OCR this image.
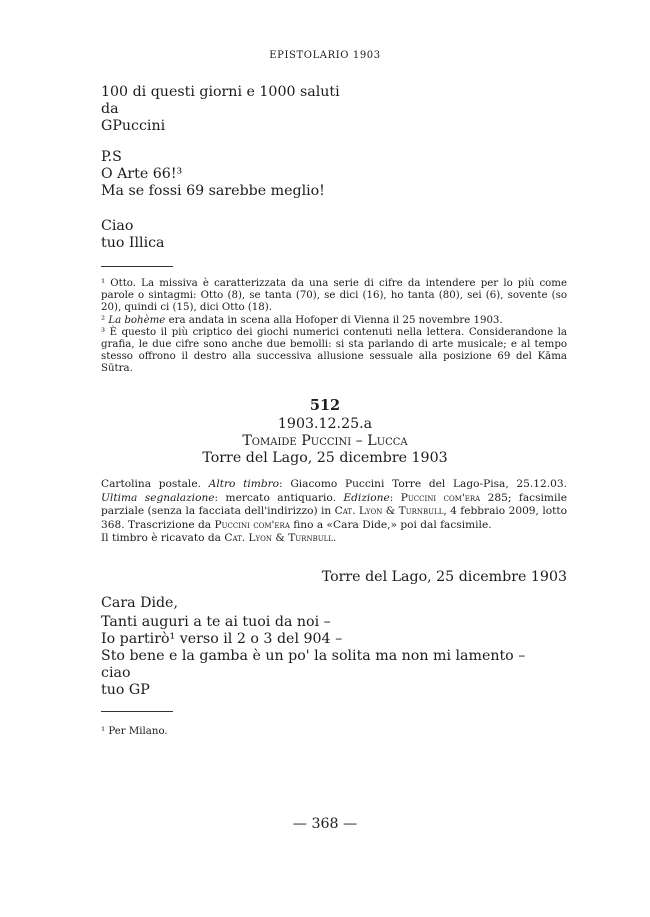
EPISTOLARIO 1903
100 di questi giorni e 1000 saluti
da
GPuccini
P.S
O Arte 66!³
Ma se fossi 69 sarebbe meglio!
Ciao
tuo Illica

¹ Otto. La missiva è caratterizzata da una serie di cifre da intendere per lo più come parole o sintagmi: Otto (8), se tanta (70), se dici (16), ho tanta (80), sei (6), sovente (so 20), quindi ci (15), dici Otto (18).

² La bohème era andata in scena alla Hofoper di Vienna il 25 novembre 1903.

³ È questo il più criptico dei giochi numerici contenuti nella lettera. Considerandone la grafia, le due cifre sono anche due bemolli: si sta parlando di arte musicale; e al tempo stesso offrono il destro alla successiva allusione sessuale alla posizione 69 del Kāma Sūtra.

512
1903.12.25.a
Tomaide Puccini – Lucca
Torre del Lago, 25 dicembre 1903

Cartolina postale. Altro timbro: Giacomo Puccini Torre del Lago-Pisa, 25.12.03. Ultima segnalazione: mercato antiquario. Edizione: Puccini com'era 285; facsimile parziale (senza la facciata dell'indirizzo) in Cat. Lyon & Turnbull, 4 febbraio 2009, lotto 368. Trascrizione da Puccini com'era fino a «Cara Dide,» poi dal facsimile.

Il timbro è ricavato da Cat. Lyon & Turnbull.

Torre del Lago, 25 dicembre 1903
Cara Dide,
Tanti auguri a te ai tuoi da noi –
Io partirò¹ verso il 2 o 3 del 904 –
Sto bene e la gamba è un po' la solita ma non mi lamento –
ciao
tuo GP
¹ Per Milano.
— 368 —
